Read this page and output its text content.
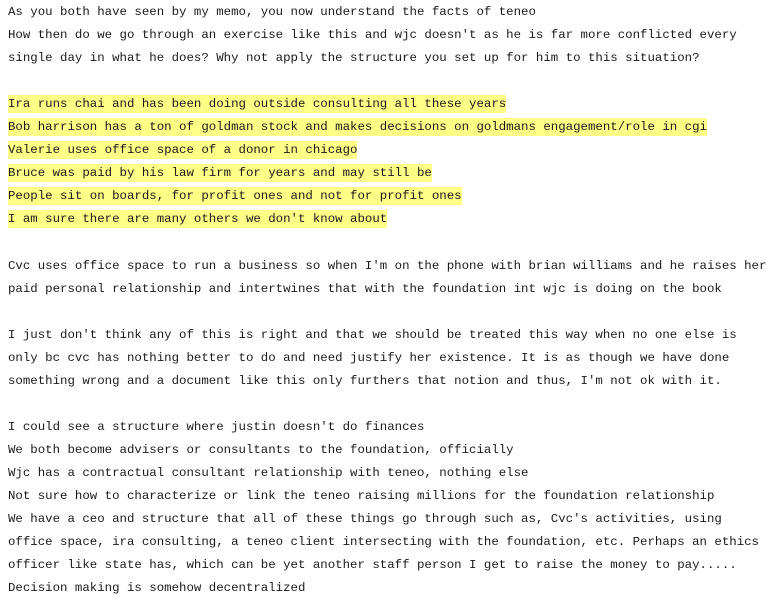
As you both have seen by my memo, you now understand the facts of teneo
How then do we go through an exercise like this and wjc doesn't as he is far more conflicted every
single day in what he does? Why not apply the structure you set up for him to this situation?
Ira runs chai and has been doing outside consulting all these years
Bob harrison has a ton of goldman stock and makes decisions on goldmans engagement/role in cgi
Valerie uses office space of a donor in chicago
Bruce was paid by his law firm for years and may still be
People sit on boards, for profit ones and not for profit ones
I am sure there are many others we don't know about
Cvc uses office space to run a business so when I'm on the phone with brian williams and he raises her
paid personal relationship and intertwines that with the foundation int wjc is doing on the book
I just don't think any of this is right and that we should be treated this way when no one else is
only bc cvc has nothing better to do and need justify her existence. It is as though we have done
something wrong and a document like this only furthers that notion and thus, I'm not ok with it.
I could see a structure where justin doesn't do finances
We both become advisers or consultants to the foundation, officially
Wjc has a contractual consultant relationship with teneo, nothing else
Not sure how to characterize or link the teneo raising millions for the foundation relationship
We have a ceo and structure that all of these things go through such as, Cvc's activities, using
office space, ira consulting, a teneo client intersecting with the foundation, etc. Perhaps an ethics
officer like state has, which can be yet another staff person I get to raise the money to pay.....
Decision making is somehow decentralized
